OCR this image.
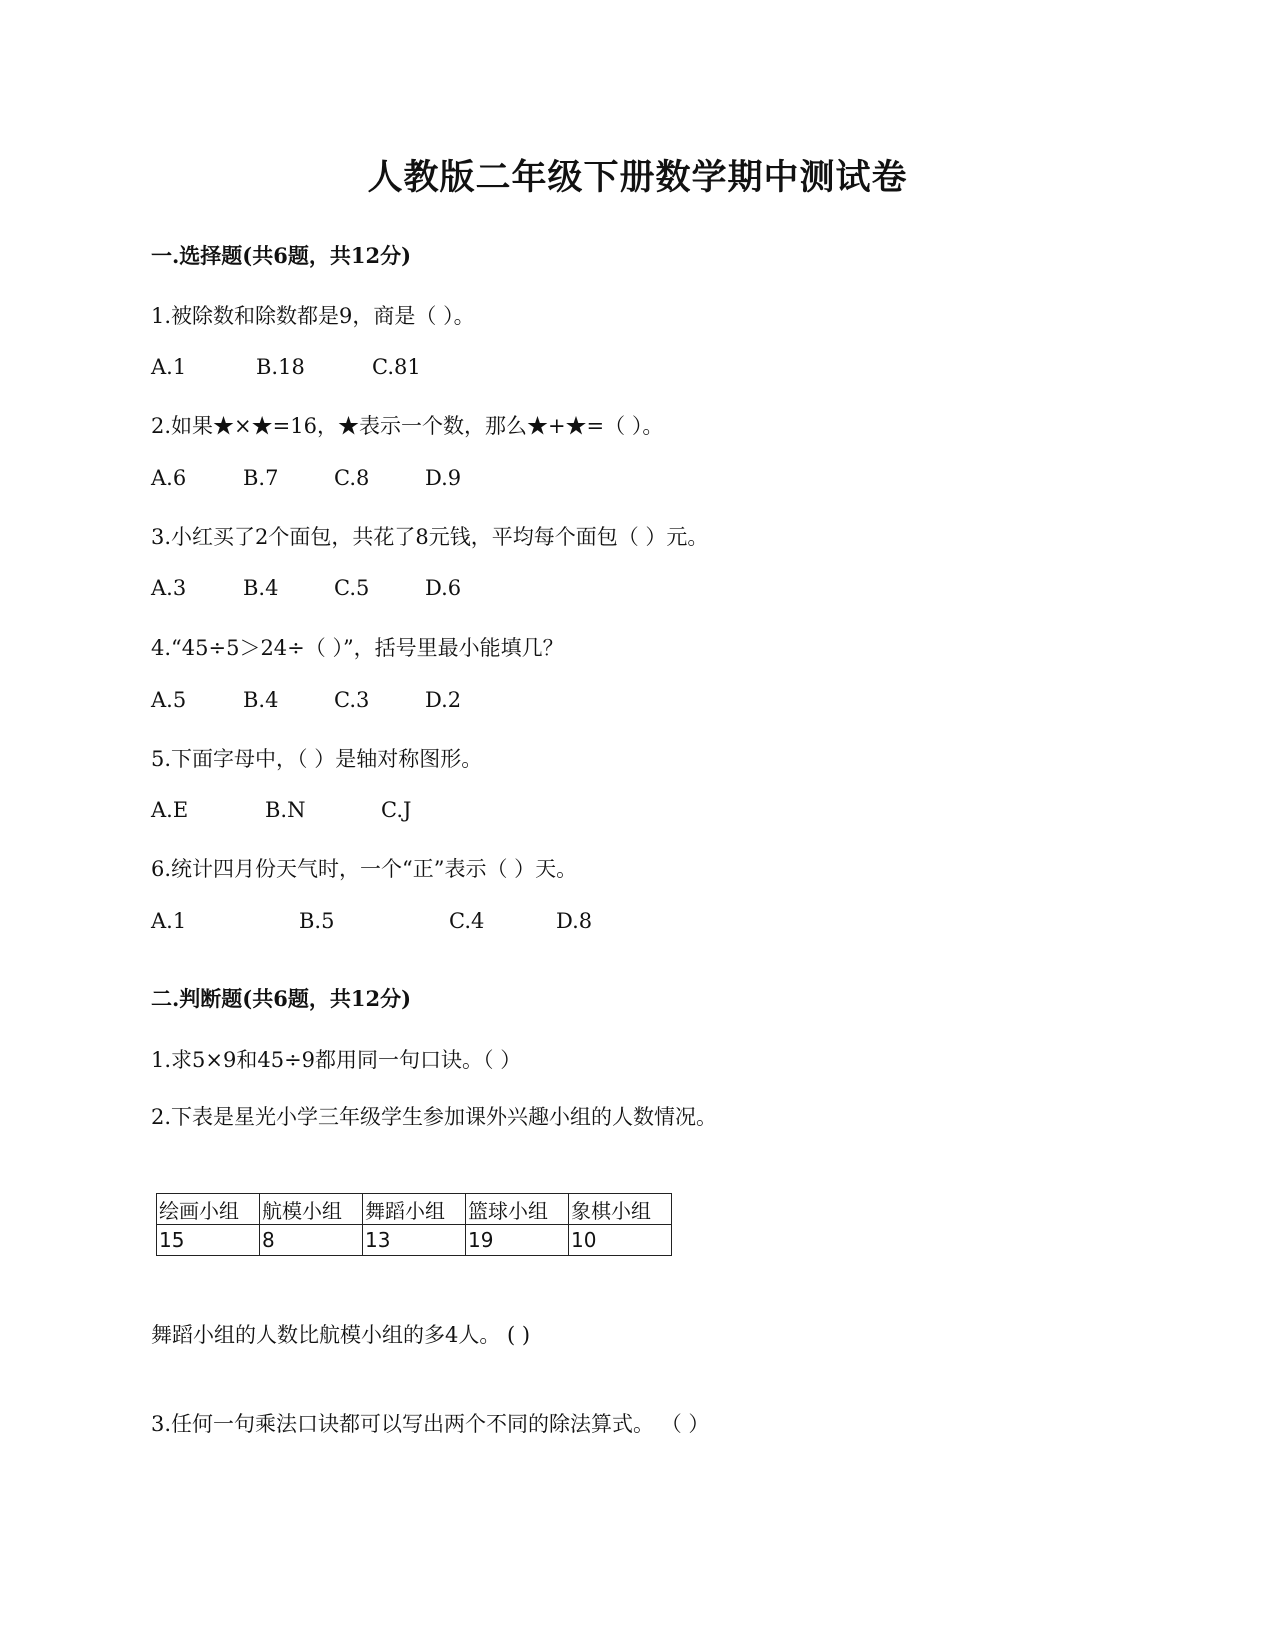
人教版二年级下册数学期中测试卷
一.选择题(共6题，共12分)
1.被除数和除数都是9，商是（ ）。
A.1	B.18	C.81
2.如果★×★=16，★表示一个数，那么★+★=（ ）。
A.6	B.7	C.8	D.9
3.小红买了2个面包，共花了8元钱，平均每个面包（ ）元。
A.3	B.4	C.5	D.6
4.“45÷5＞24÷（ ）”，括号里最小能填几？
A.5	B.4	C.3	D.2
5.下面字母中，（ ）是轴对称图形。
A.E	B.N	C.J
6.统计四月份天气时，一个“正”表示（ ）天。
A.1	B.5	C.4	D.8
二.判断题(共6题，共12分)
1.求5×9和45÷9都用同一句口诀。（ ）
2.下表是星光小学三年级学生参加课外兴趣小组的人数情况。
绘画小组	航模小组	舞蹈小组	篮球小组	象棋小组
15	8	13	19	10
舞蹈小组的人数比航模小组的多4人。 ( )
3.任何一句乘法口诀都可以写出两个不同的除法算式。 （ ）
